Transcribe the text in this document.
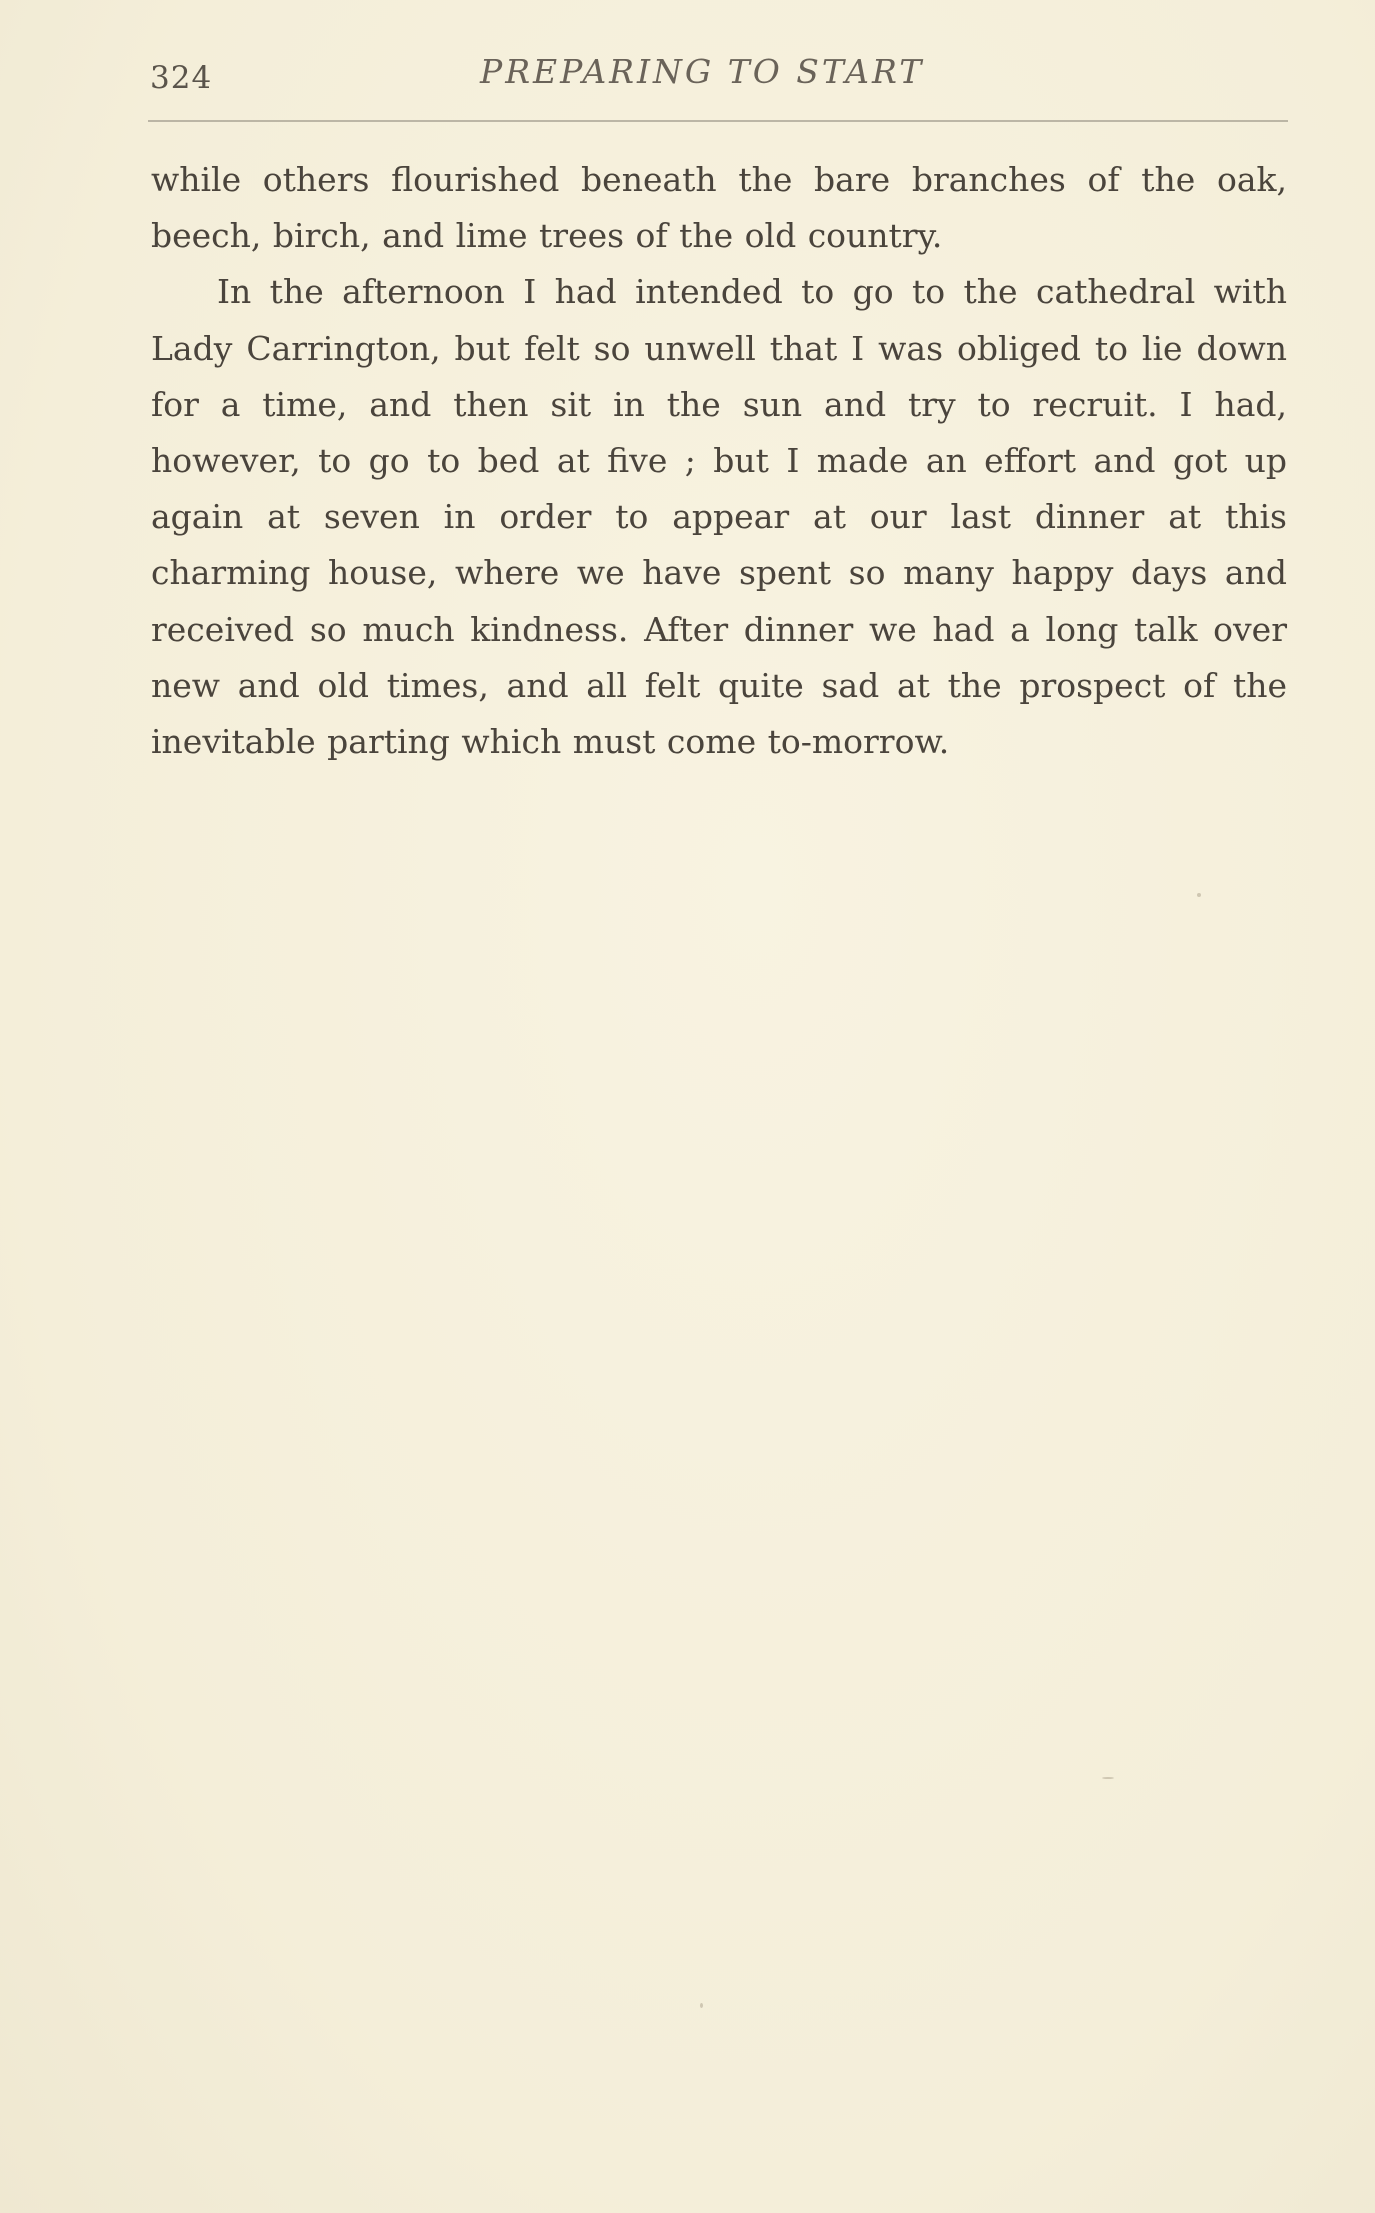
324	PREPARING TO START

while others flourished beneath the bare branches of the oak, beech, birch, and lime trees of the old country.

In the afternoon I had intended to go to the cathedral with Lady Carrington, but felt so unwell that I was obliged to lie down for a time, and then sit in the sun and try to recruit. I had, however, to go to bed at five ; but I made an effort and got up again at seven in order to appear at our last dinner at this charming house, where we have spent so many happy days and received so much kindness. After dinner we had a long talk over new and old times, and all felt quite sad at the prospect of the inevitable parting which must come to-morrow.
